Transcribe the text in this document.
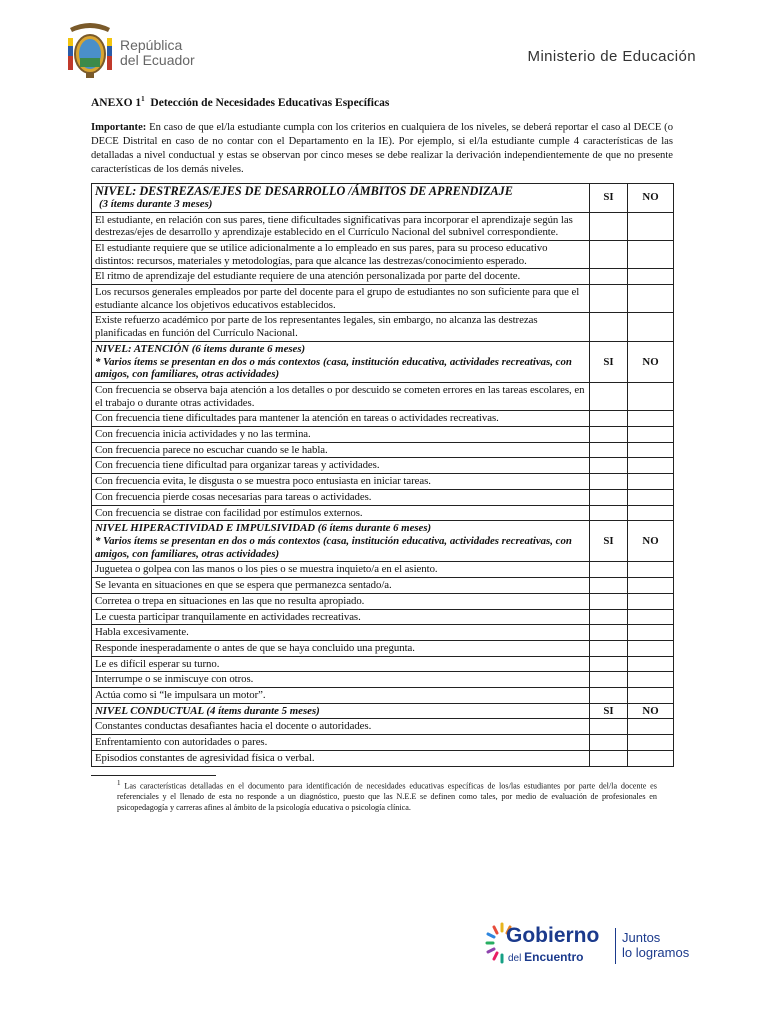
República
del Ecuador	Ministerio de Educación

ANEXO $1^1$ Detección de Necesidades Educativas Específicas

Importante: En caso de que el/la estudiante cumpla con los criterios en cualquiera de los niveles, se deberá reportar el caso al DECE (o DECE Distrital en caso de no contar con el Departamento en la IE). Por ejemplo, si el/la estudiante cumple 4 características de las detalladas a nivel conductual y estas se observan por cinco meses se debe realizar la derivación independientemente de que no presente características de los demás niveles.

NIVEL: DESTREZAS/EJES DE DESARROLLO /ÁMBITOS DE APRENDIZAJE
(3 ítems durante 3 meses)	SI	NO
El estudiante, en relación con sus pares, tiene dificultades significativas para incorporar el aprendizaje según las destrezas/ejes de desarrollo y aprendizaje establecido en el Currículo Nacional del subnivel correspondiente.		
El estudiante requiere que se utilice adicionalmente a lo empleado en sus pares, para su proceso educativo distintos: recursos, materiales y metodologías, para que alcance las destrezas/conocimiento esperado.		
El ritmo de aprendizaje del estudiante requiere de una atención personalizada por parte del docente.		
Los recursos generales empleados por parte del docente para el grupo de estudiantes no son suficiente para que el estudiante alcance los objetivos educativos establecidos.		
Existe refuerzo académico por parte de los representantes legales, sin embargo, no alcanza las destrezas planificadas en función del Currículo Nacional.		

NIVEL: ATENCIÓN (6 ítems durante 6 meses)
* Varios ítems se presentan en dos o más contextos (casa, institución educativa, actividades recreativas, con amigos, con familiares, otras actividades)	SI	NO
Con frecuencia se observa baja atención a los detalles o por descuido se cometen errores en las tareas escolares, en el trabajo o durante otras actividades.		
Con frecuencia tiene dificultades para mantener la atención en tareas o actividades recreativas.		
Con frecuencia inicia actividades y no las termina.		
Con frecuencia parece no escuchar cuando se le habla.		
Con frecuencia tiene dificultad para organizar tareas y actividades.		
Con frecuencia evita, le disgusta o se muestra poco entusiasta en iniciar tareas.		
Con frecuencia pierde cosas necesarias para tareas o actividades.		
Con frecuencia se distrae con facilidad por estímulos externos.		

NIVEL HIPERACTIVIDAD E IMPULSIVIDAD (6 ítems durante 6 meses)
* Varios ítems se presentan en dos o más contextos (casa, institución educativa, actividades recreativas, con amigos, con familiares, otras actividades)	SI	NO
Juguetea o golpea con las manos o los pies o se muestra inquieto/a en el asiento.		
Se levanta en situaciones en que se espera que permanezca sentado/a.		
Corretea o trepa en situaciones en las que no resulta apropiado.		
Le cuesta participar tranquilamente en actividades recreativas.		
Habla excesivamente.		
Responde inesperadamente o antes de que se haya concluido una pregunta.		
Le es difícil esperar su turno.		
Interrumpe o se inmiscuye con otros.		
Actúa como si “le impulsara un motor”.		

NIVEL CONDUCTUAL (4 ítems durante 5 meses)	SI	NO
Constantes conductas desafiantes hacia el docente o autoridades.		
Enfrentamiento con autoridades o pares.		
Episodios constantes de agresividad física o verbal.		
$^1$ Las características detalladas en el documento para identificación de necesidades educativas específicas de los/las estudiantes por parte del/la docente es referenciales y el llenado de esta no responde a un diagnóstico, puesto que las N.E.E se definen como tales, por medio de evaluación de profesionales en psicopedagogía y carreras afines al ámbito de la psicología educativa o psicología clínica.
Gobierno
del Encuentro
Juntos
lo logramos
